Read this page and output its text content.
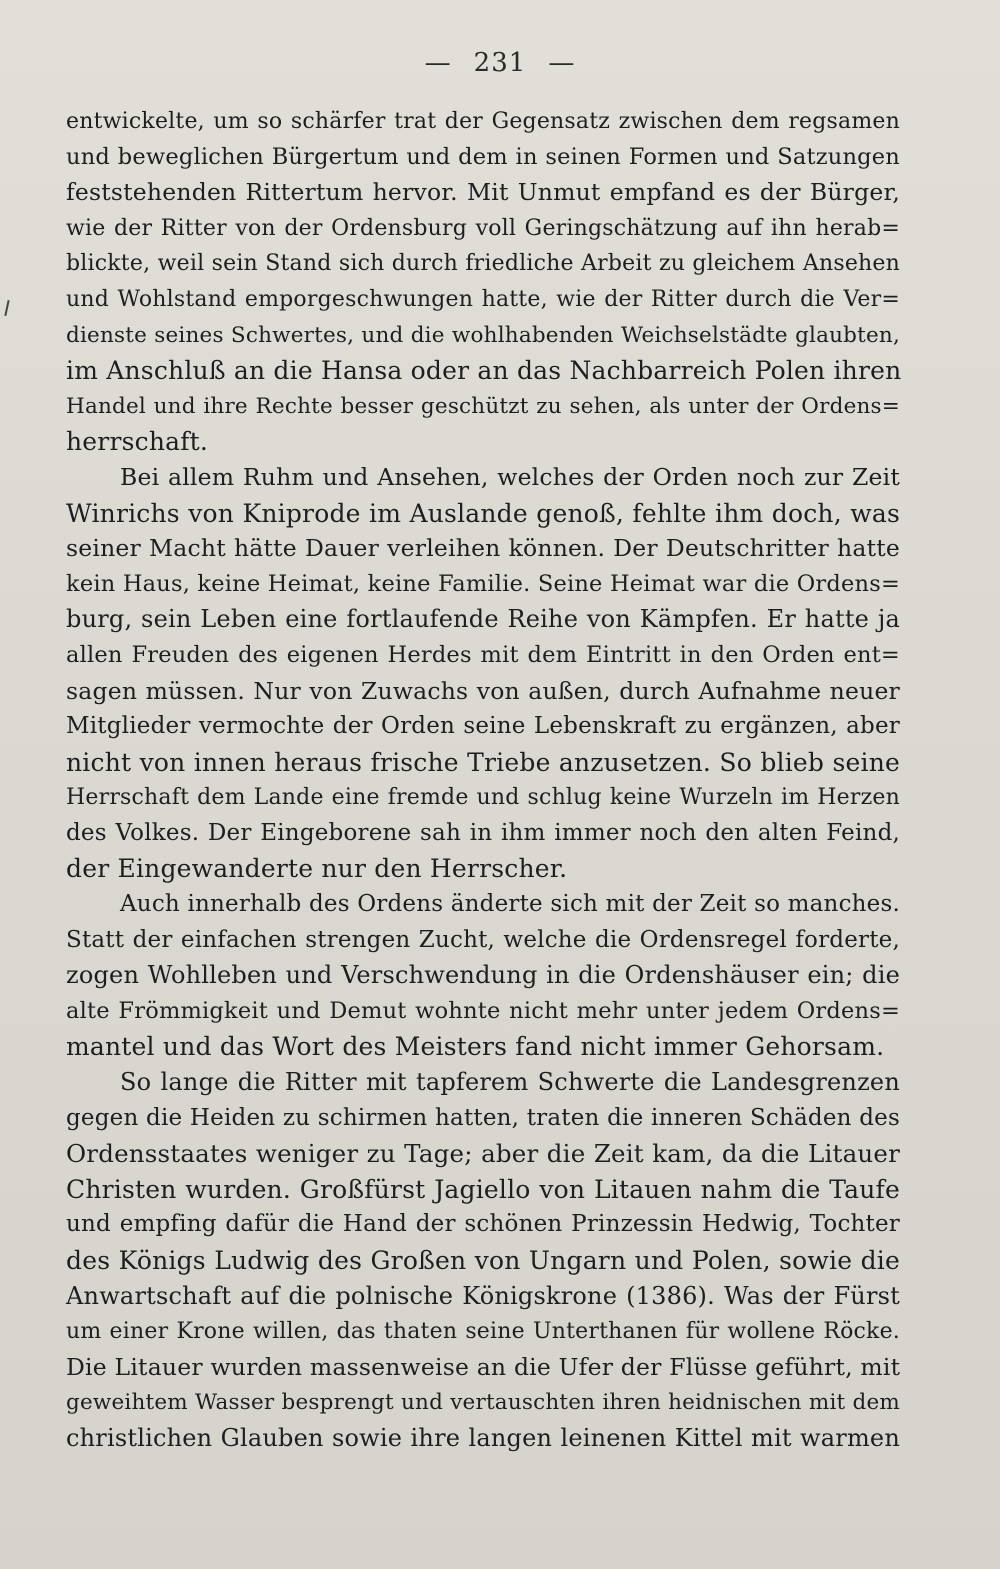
— 231 —
entwickelte, um so schärfer trat der Gegensatz zwischen dem regsamen
und beweglichen Bürgertum und dem in seinen Formen und Satzungen
feststehenden Rittertum hervor. Mit Unmut empfand es der Bürger,
wie der Ritter von der Ordensburg voll Geringschätzung auf ihn herab=
blickte, weil sein Stand sich durch friedliche Arbeit zu gleichem Ansehen
und Wohlstand emporgeschwungen hatte, wie der Ritter durch die Ver=
dienste seines Schwertes, und die wohlhabenden Weichselstädte glaubten,
im Anschluß an die Hansa oder an das Nachbarreich Polen ihren
Handel und ihre Rechte besser geschützt zu sehen, als unter der Ordens=
herrschaft.
Bei allem Ruhm und Ansehen, welches der Orden noch zur Zeit
Winrichs von Kniprode im Auslande genoß, fehlte ihm doch, was
seiner Macht hätte Dauer verleihen können. Der Deutschritter hatte
kein Haus, keine Heimat, keine Familie. Seine Heimat war die Ordens=
burg, sein Leben eine fortlaufende Reihe von Kämpfen. Er hatte ja
allen Freuden des eigenen Herdes mit dem Eintritt in den Orden ent=
sagen müssen. Nur von Zuwachs von außen, durch Aufnahme neuer
Mitglieder vermochte der Orden seine Lebenskraft zu ergänzen, aber
nicht von innen heraus frische Triebe anzusetzen. So blieb seine
Herrschaft dem Lande eine fremde und schlug keine Wurzeln im Herzen
des Volkes. Der Eingeborene sah in ihm immer noch den alten Feind,
der Eingewanderte nur den Herrscher.
Auch innerhalb des Ordens änderte sich mit der Zeit so manches.
Statt der einfachen strengen Zucht, welche die Ordensregel forderte,
zogen Wohlleben und Verschwendung in die Ordenshäuser ein; die
alte Frömmigkeit und Demut wohnte nicht mehr unter jedem Ordens=
mantel und das Wort des Meisters fand nicht immer Gehorsam.
So lange die Ritter mit tapferem Schwerte die Landesgrenzen
gegen die Heiden zu schirmen hatten, traten die inneren Schäden des
Ordensstaates weniger zu Tage; aber die Zeit kam, da die Litauer
Christen wurden. Großfürst Jagiello von Litauen nahm die Taufe
und empfing dafür die Hand der schönen Prinzessin Hedwig, Tochter
des Königs Ludwig des Großen von Ungarn und Polen, sowie die
Anwartschaft auf die polnische Königskrone (1386). Was der Fürst
um einer Krone willen, das thaten seine Unterthanen für wollene Röcke.
Die Litauer wurden massenweise an die Ufer der Flüsse geführt, mit
geweihtem Wasser besprengt und vertauschten ihren heidnischen mit dem
christlichen Glauben sowie ihre langen leinenen Kittel mit warmen
